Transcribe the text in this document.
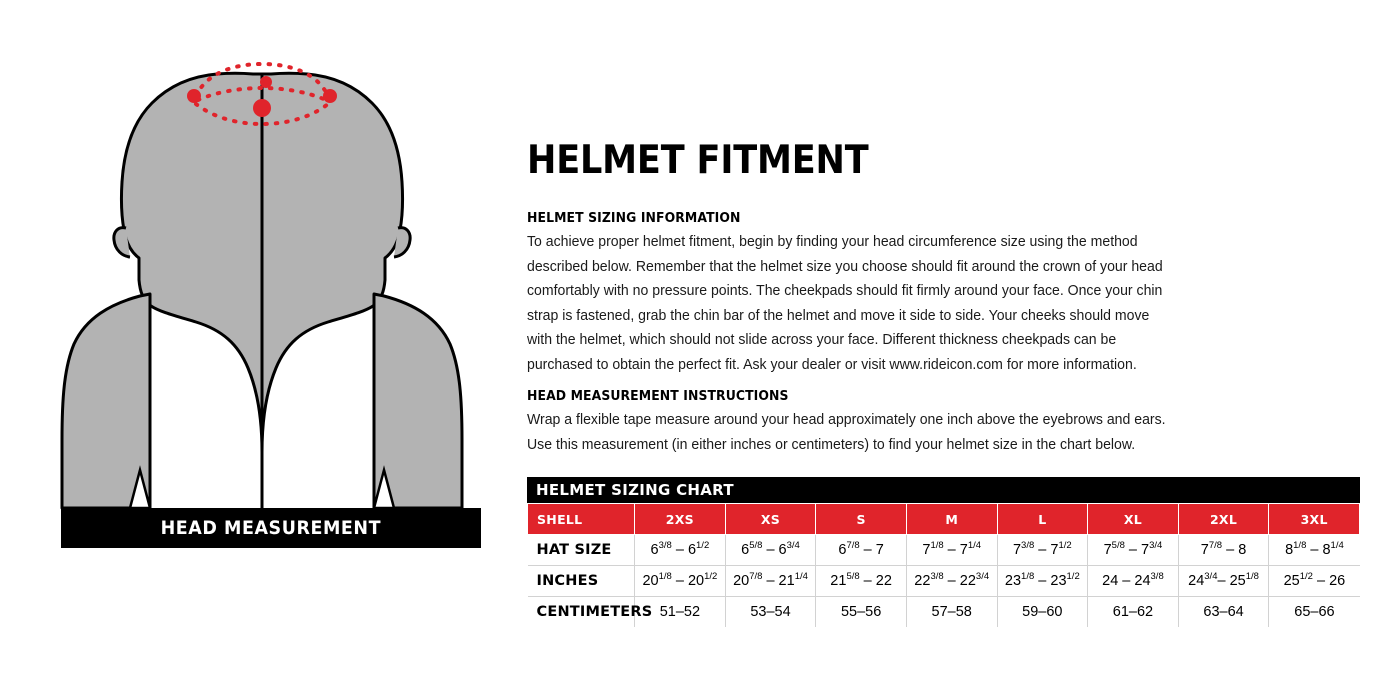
HEAD MEASUREMENT
HELMET FITMENT
HELMET SIZING INFORMATION
To achieve proper helmet fitment, begin by finding your head circumference size using the method described below. Remember that the helmet size you choose should fit around the crown of your head comfortably with no pressure points. The cheekpads should fit firmly around your face. Once your chin strap is fastened, grab the chin bar of the helmet and move it side to side. Your cheeks should move with the helmet, which should not slide across your face. Different thickness cheekpads can be purchased to obtain the perfect fit. Ask your dealer or visit www.rideicon.com for more information.
HEAD MEASUREMENT INSTRUCTIONS
Wrap a flexible tape measure around your head approximately one inch above the eyebrows and ears. Use this measurement (in either inches or centimeters) to find your helmet size in the chart below.
HELMET SIZING CHART
SHELL	2XS	XS	S	M	L	XL	2XL	3XL
HAT SIZE	$6^{3/8} - 6^{1/2}$	$6^{5/8} - 6^{3/4}$	$6^{7/8} - 7$	$7^{1/8} - 7^{1/4}$	$7^{3/8} - 7^{1/2}$	$7^{5/8} - 7^{3/4}$	$7^{7/8} - 8$	$8^{1/8} - 8^{1/4}$
INCHES	$20^{1/8} - 20^{1/2}$	$20^{7/8} - 21^{1/4}$	$21^{5/8} - 22$	$22^{3/8} - 22^{3/4}$	$23^{1/8} - 23^{1/2}$	$24 - 24^{3/8}$	$24^{3/4}-$ $25^{1/8}$	$25^{1/2} - 26$
CENTIMETERS	51–52	53–54	55–56	57–58	59–60	61–62	63–64	65–66
